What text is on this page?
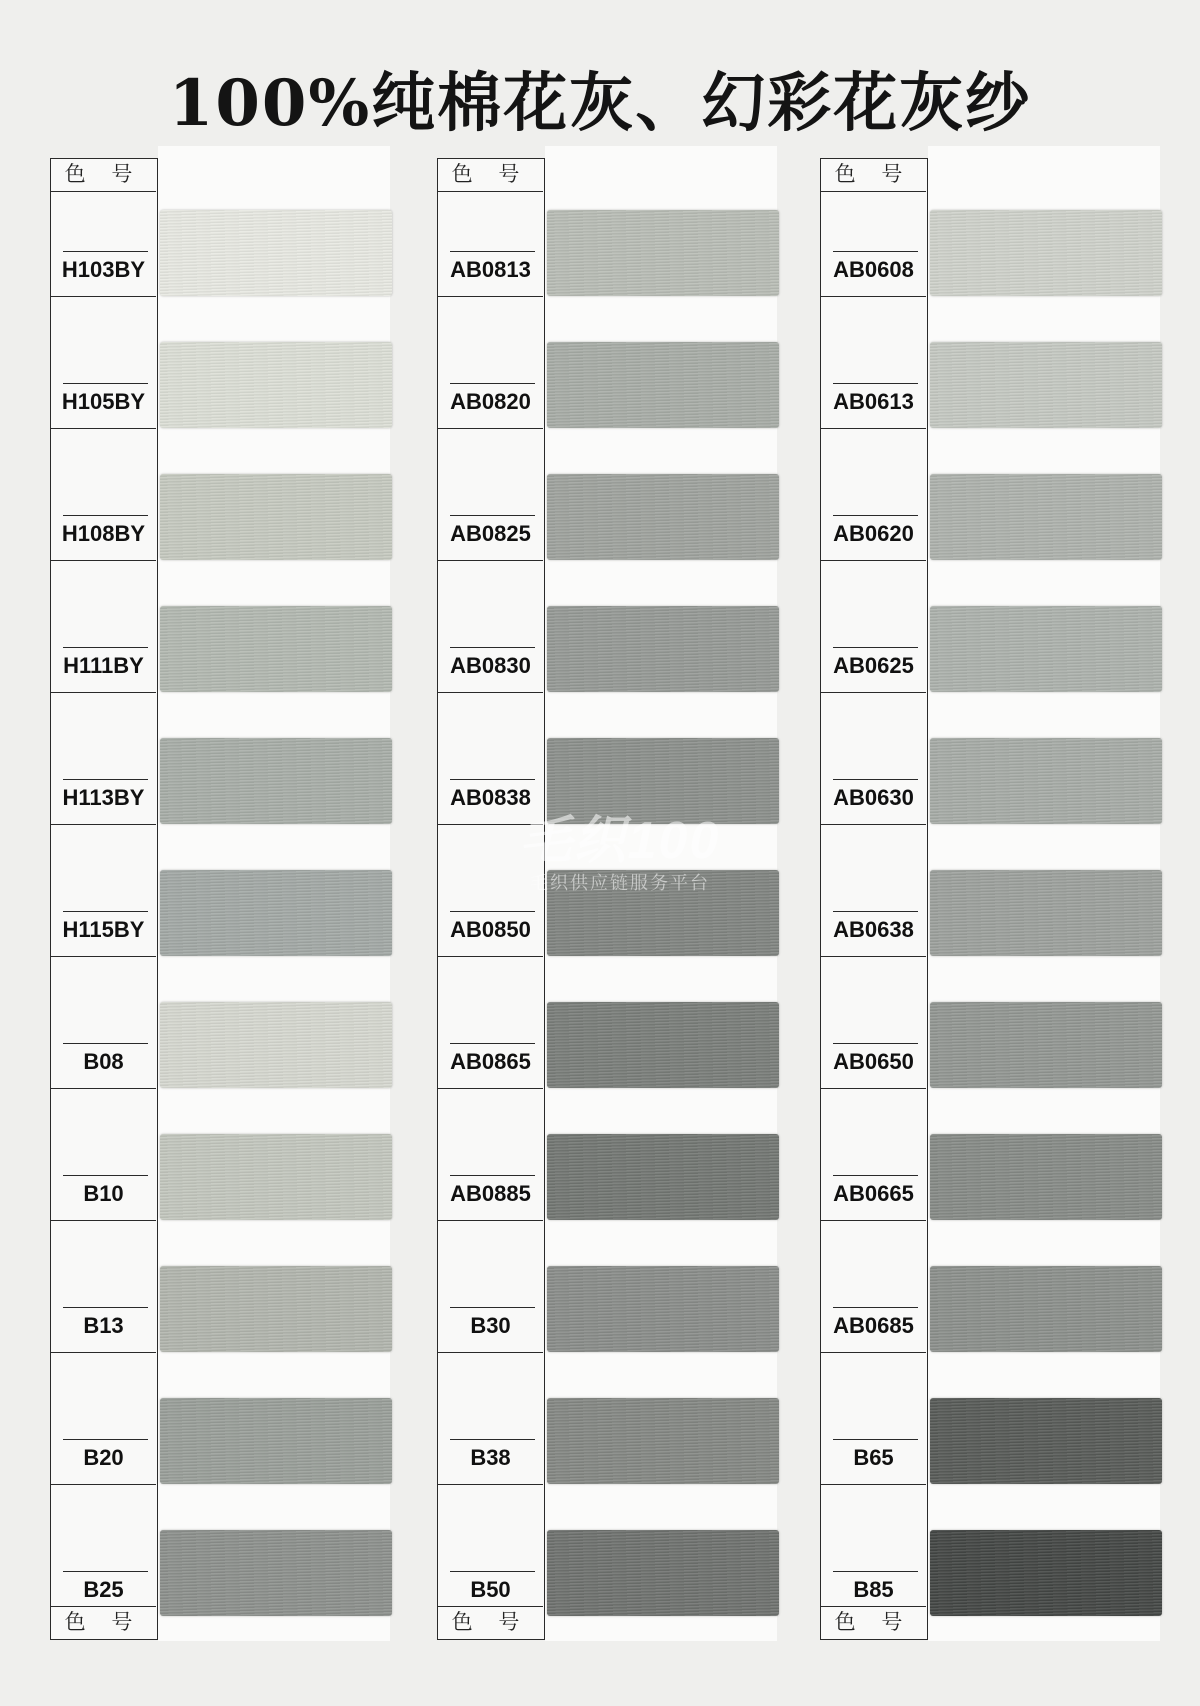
100%纯棉花灰、幻彩花灰纱
色 号
色 号
H103BY
H105BY
H108BY
H111BY
H113BY
H115BY
B08
B10
B13
B20
B25
色 号
色 号
AB0813
AB0820
AB0825
AB0830
AB0838
AB0850
AB0865
AB0885
B30
B38
B50
色 号
色 号
AB0608
AB0613
AB0620
AB0625
AB0630
AB0638
AB0650
AB0665
AB0685
B65
B85
毛织100
毛织供应链服务平台
